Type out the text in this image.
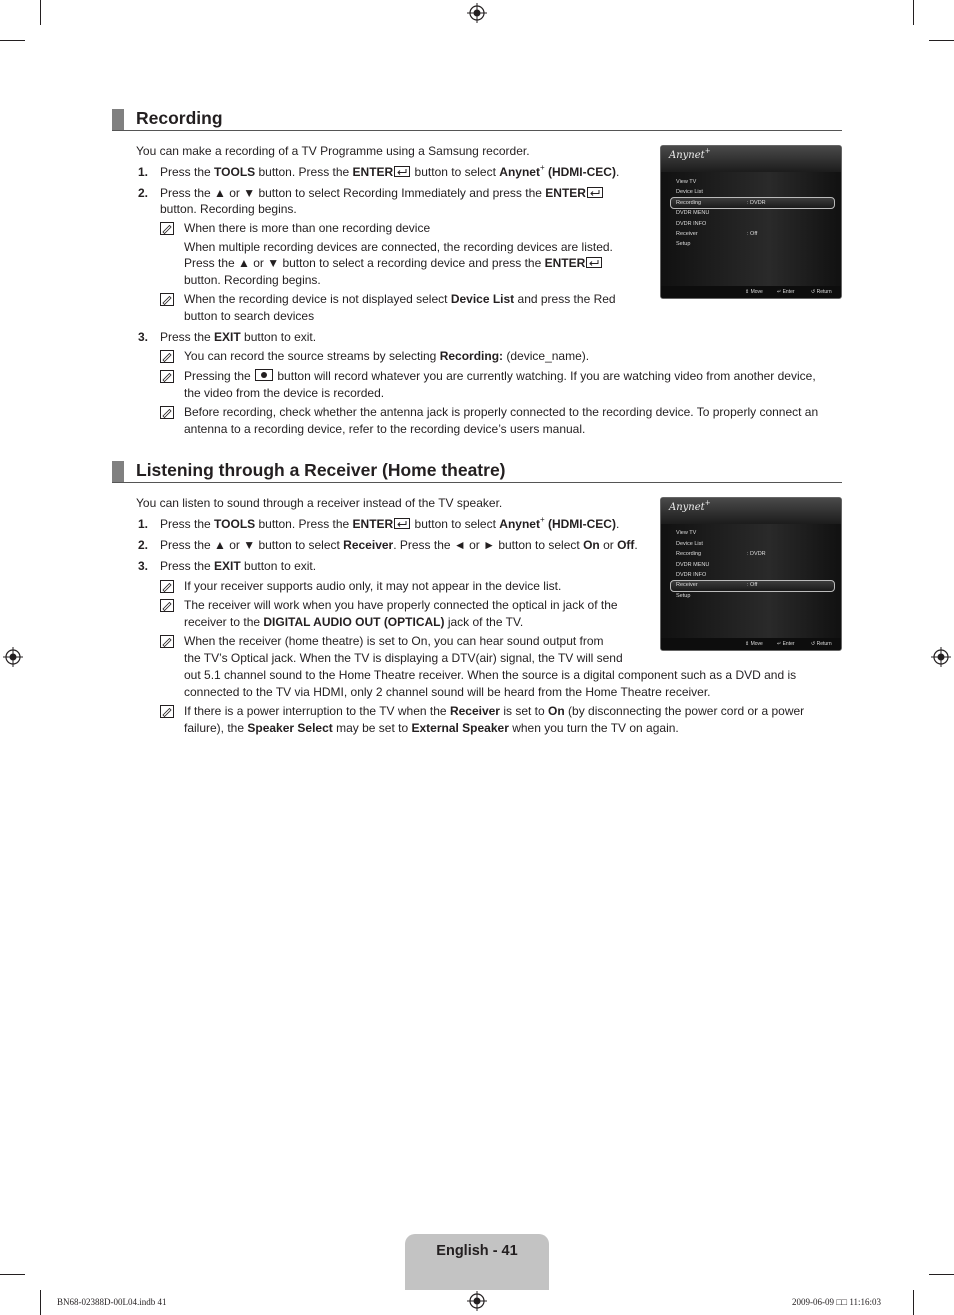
Recording
You can make a recording of a TV Programme using a Samsung recorder.
1. Press the TOOLS button. Press the ENTER button to select Anynet+ (HDMI-CEC).
2. Press the ▲ or ▼ button to select Recording Immediately and press the ENTER
button. Recording begins.
When there is more than one recording device
When multiple recording devices are connected, the recording devices are listed.
Press the ▲ or ▼ button to select a recording device and press the ENTER
button. Recording begins.
When the recording device is not displayed select Device List and press the Red
button to search devices
3. Press the EXIT button to exit.
You can record the source streams by selecting Recording: (device_name).
Pressing the  button will record whatever you are currently watching. If you are watching video from another device,
the video from the device is recorded.
Before recording, check whether the antenna jack is properly connected to the recording device. To properly connect an
antenna to a recording device, refer to the recording device’s users manual.
Anynet+
View TV
Device List
Recording	: DVDR
DVDR MENU
DVDR INFO
Receiver	: Off
Setup
⇕ Move	↵ Enter	↺ Return
Listening through a Receiver (Home theatre)
You can listen to sound through a receiver instead of the TV speaker.
1. Press the TOOLS button. Press the ENTER button to select Anynet+ (HDMI-CEC).
2. Press the ▲ or ▼ button to select Receiver. Press the ◄ or ► button to select On or Off.
3. Press the EXIT button to exit.
If your receiver supports audio only, it may not appear in the device list.
The receiver will work when you have properly connected the optical in jack of the
receiver to the DIGITAL AUDIO OUT (OPTICAL) jack of the TV.
When the receiver (home theatre) is set to On, you can hear sound output from
the TV’s Optical jack. When the TV is displaying a DTV(air) signal, the TV will send
out 5.1 channel sound to the Home Theatre receiver. When the source is a digital component such as a DVD and is
connected to the TV via HDMI, only 2 channel sound will be heard from the Home Theatre receiver.
If there is a power interruption to the TV when the Receiver is set to On (by disconnecting the power cord or a power
failure), the Speaker Select may be set to External Speaker when you turn the TV on again.
Anynet+
View TV
Device List
Recording	: DVDR
DVDR MENU
DVDR INFO
Receiver	: Off
Setup
⇕ Move	↵ Enter	↺ Return
English - 41
BN68-02388D-00L04.indb 41	2009-06-09 □□ 11:16:03
